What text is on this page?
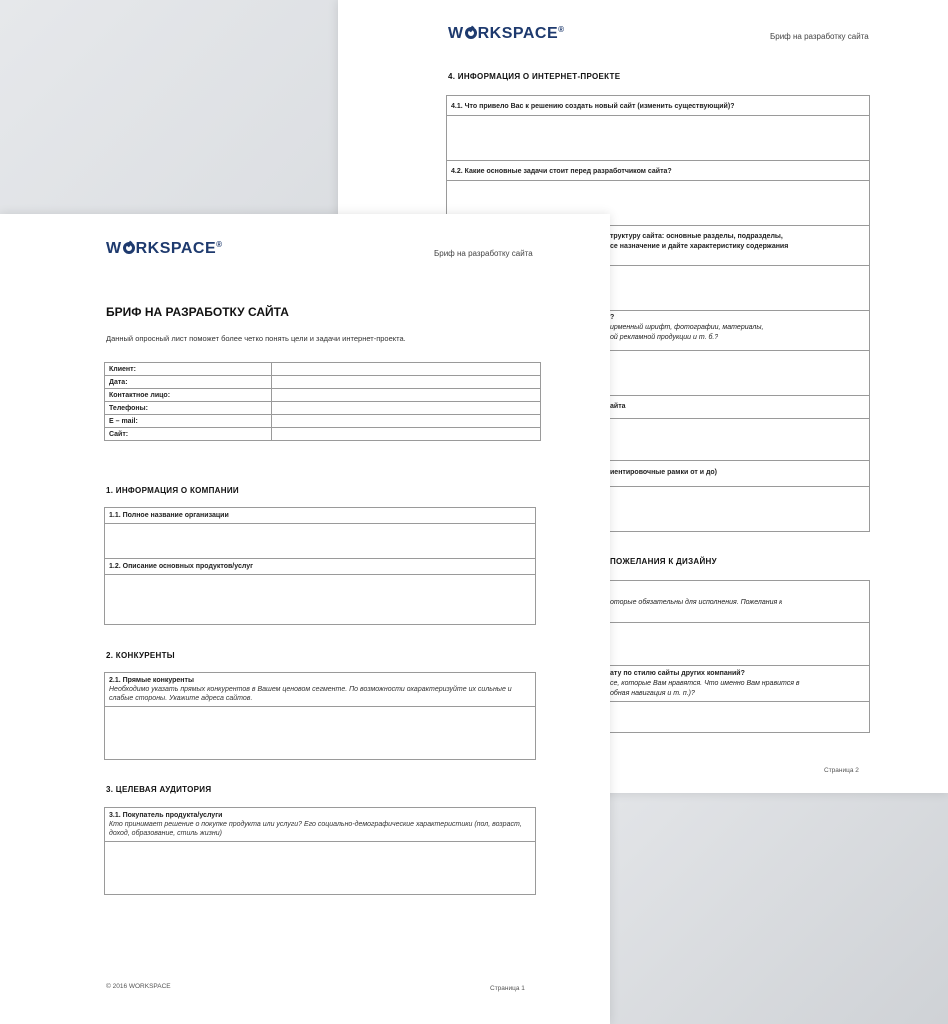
W RKSPACE®
Бриф на разработку сайта
4. ИНФОРМАЦИЯ О ИНТЕРНЕТ-ПРОЕКТЕ
4.1. Что привело Вас к решению создать новый сайт (изменить существующий)?
4.2. Какие основные задачи стоит перед разработчиком сайта?
труктуру сайта: основные разделы, подразделы,
се назначение и дайте характеристику содержания
?
ирменный шрифт, фотографии, материалы,
ой рекламной продукции и т. б.?
айта
иентировочные рамки от и до)
ПОЖЕЛАНИЯ К ДИЗАЙНУ
оторые обязательны для исполнения. Пожелания к
ату по стилю сайты других компаний?
се, которые Вам нравятся. Что именно Вам нравится в
обная навигация и т. п.)?
Страница 2
W RKSPACE®
Бриф на разработку сайта
БРИФ НА РАЗРАБОТКУ САЙТА
Данный опросный лист поможет более четко понять цели и задачи интернет-проекта.
Клиент:	
Дата:	
Контактное лицо:	
Телефоны:	
E – mail:	
Сайт:	
1. ИНФОРМАЦИЯ О КОМПАНИИ
1.1. Полное название организации
1.2. Описание основных продуктов/услуг
2. КОНКУРЕНТЫ
2.1. Прямые конкуренты
Необходимо указать прямых конкурентов в Вашем ценовом сегменте. По возможности охарактеризуйте их сильные и слабые стороны. Укажите адреса сайтов.
3. ЦЕЛЕВАЯ АУДИТОРИЯ
3.1. Покупатель продукта/услуги
Кто принимает решение о покупке продукта или услуги? Его социально-демографические характеристики (пол, возраст, доход, образование, стиль жизни)
© 2016 WORKSPACE	Страница 1
